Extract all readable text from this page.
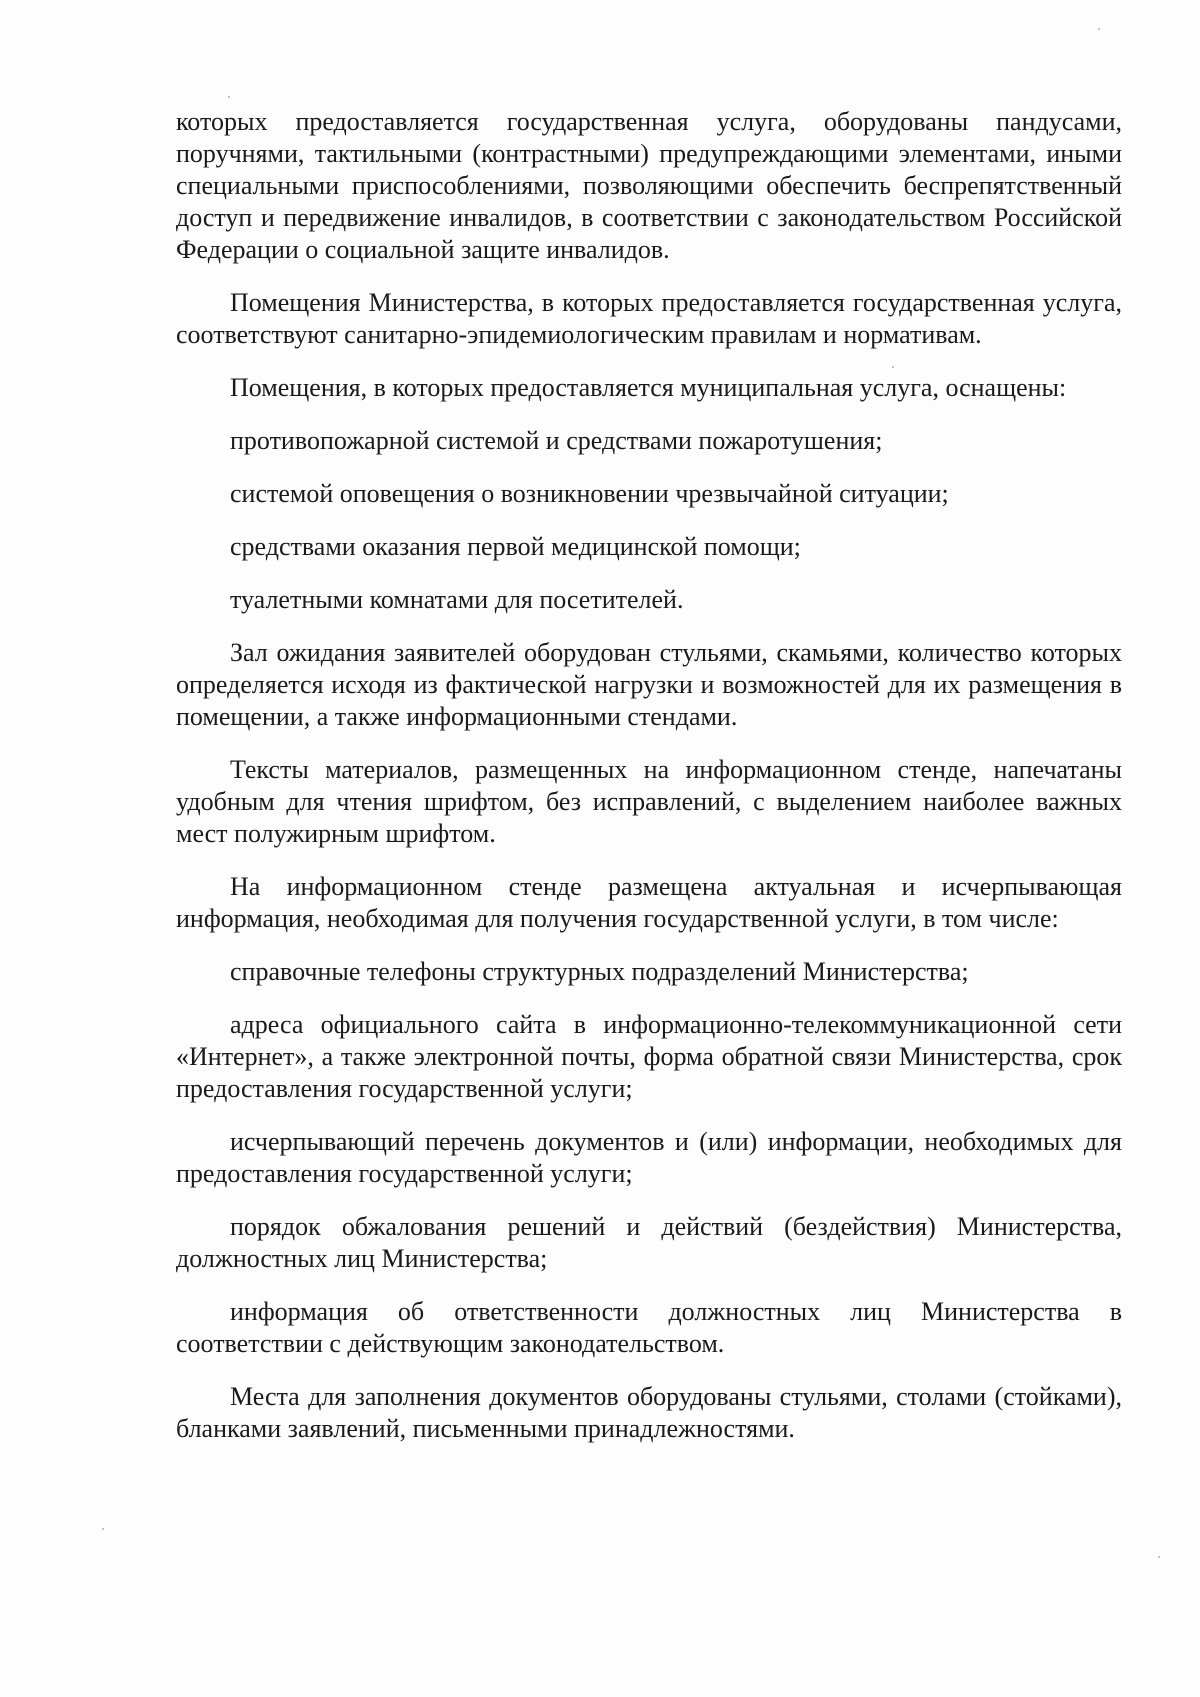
которых предоставляется государственная услуга, оборудованы пандусами, поручнями, тактильными (контрастными) предупреждающими элементами, иными специальными приспособлениями, позволяющими обеспечить беспрепятственный доступ и передвижение инвалидов, в соответствии с законодательством Российской Федерации о социальной защите инвалидов.

Помещения Министерства, в которых предоставляется государственная услуга, соответствуют санитарно-эпидемиологическим правилам и нормативам.

Помещения, в которых предоставляется муниципальная услуга, оснащены:

противопожарной системой и средствами пожаротушения;

системой оповещения о возникновении чрезвычайной ситуации;

средствами оказания первой медицинской помощи;

туалетными комнатами для посетителей.

Зал ожидания заявителей оборудован стульями, скамьями, количество которых определяется исходя из фактической нагрузки и возможностей для их размещения в помещении, а также информационными стендами.

Тексты материалов, размещенных на информационном стенде, напечатаны удобным для чтения шрифтом, без исправлений, с выделением наиболее важных мест полужирным шрифтом.

На информационном стенде размещена актуальная и исчерпывающая информация, необходимая для получения государственной услуги, в том числе:

справочные телефоны структурных подразделений Министерства;

адреса официального сайта в информационно-телекоммуникационной сети «Интернет», а также электронной почты, форма обратной связи Министерства, срок предоставления государственной услуги;

исчерпывающий перечень документов и (или) информации, необходимых для предоставления государственной услуги;

порядок обжалования решений и действий (бездействия) Министерства, должностных лиц Министерства;

информация об ответственности должностных лиц Министерства в соответствии с действующим законодательством.

Места для заполнения документов оборудованы стульями, столами (стойками), бланками заявлений, письменными принадлежностями.
